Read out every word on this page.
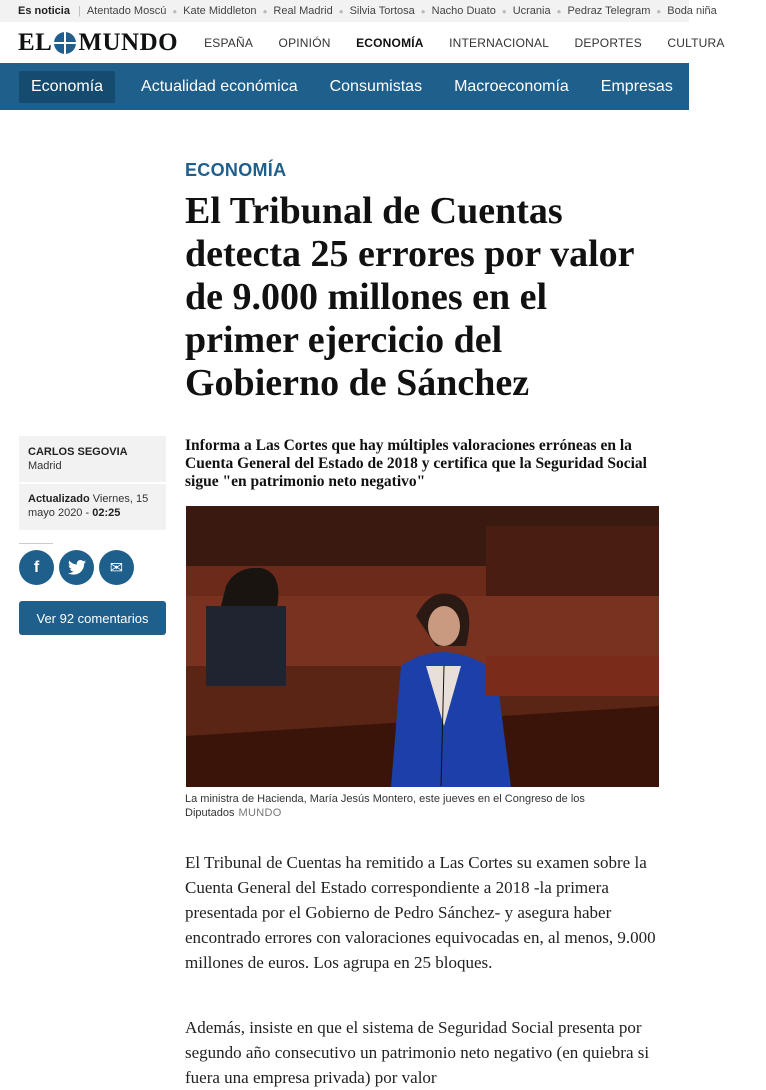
Es noticia | Atentado Moscú ● Kate Middleton ● Real Madrid ● Silvia Tortosa ● Nacho Duato ● Ucrania ● Pedraz Telegram ● Boda niña
EL MUNDO ESPAÑA OPINIÓN ECONOMÍA INTERNACIONAL DEPORTES CULTURA
Economía	Actualidad económica Consumistas Macroeconomía Empresas Vivienda
ECONOMÍA
El Tribunal de Cuentas detecta 25 errores por valor de 9.000 millones en el primer ejercicio del Gobierno de Sánchez
CARLOS SEGOVIA
Madrid
Actualizado Viernes, 15 mayo 2020 - 02:25
f	✉
Ver 92 comentarios
Informa a Las Cortes que hay múltiples valoraciones erróneas en la Cuenta General del Estado de 2018 y certifica que la Seguridad Social sigue "en patrimonio neto negativo"
La ministra de Hacienda, María Jesús Montero, este jueves en el Congreso de los Diputados MUNDO

El Tribunal de Cuentas ha remitido a Las Cortes su examen sobre la Cuenta General del Estado correspondiente a 2018 -la primera presentada por el Gobierno de Pedro Sánchez- y asegura haber encontrado errores con valoraciones equivocadas en, al menos, 9.000 millones de euros. Los agrupa en 25 bloques.

Además, insiste en que el sistema de Seguridad Social presenta por segundo año consecutivo un patrimonio neto negativo (en quiebra si fuera una empresa privada) por valor
